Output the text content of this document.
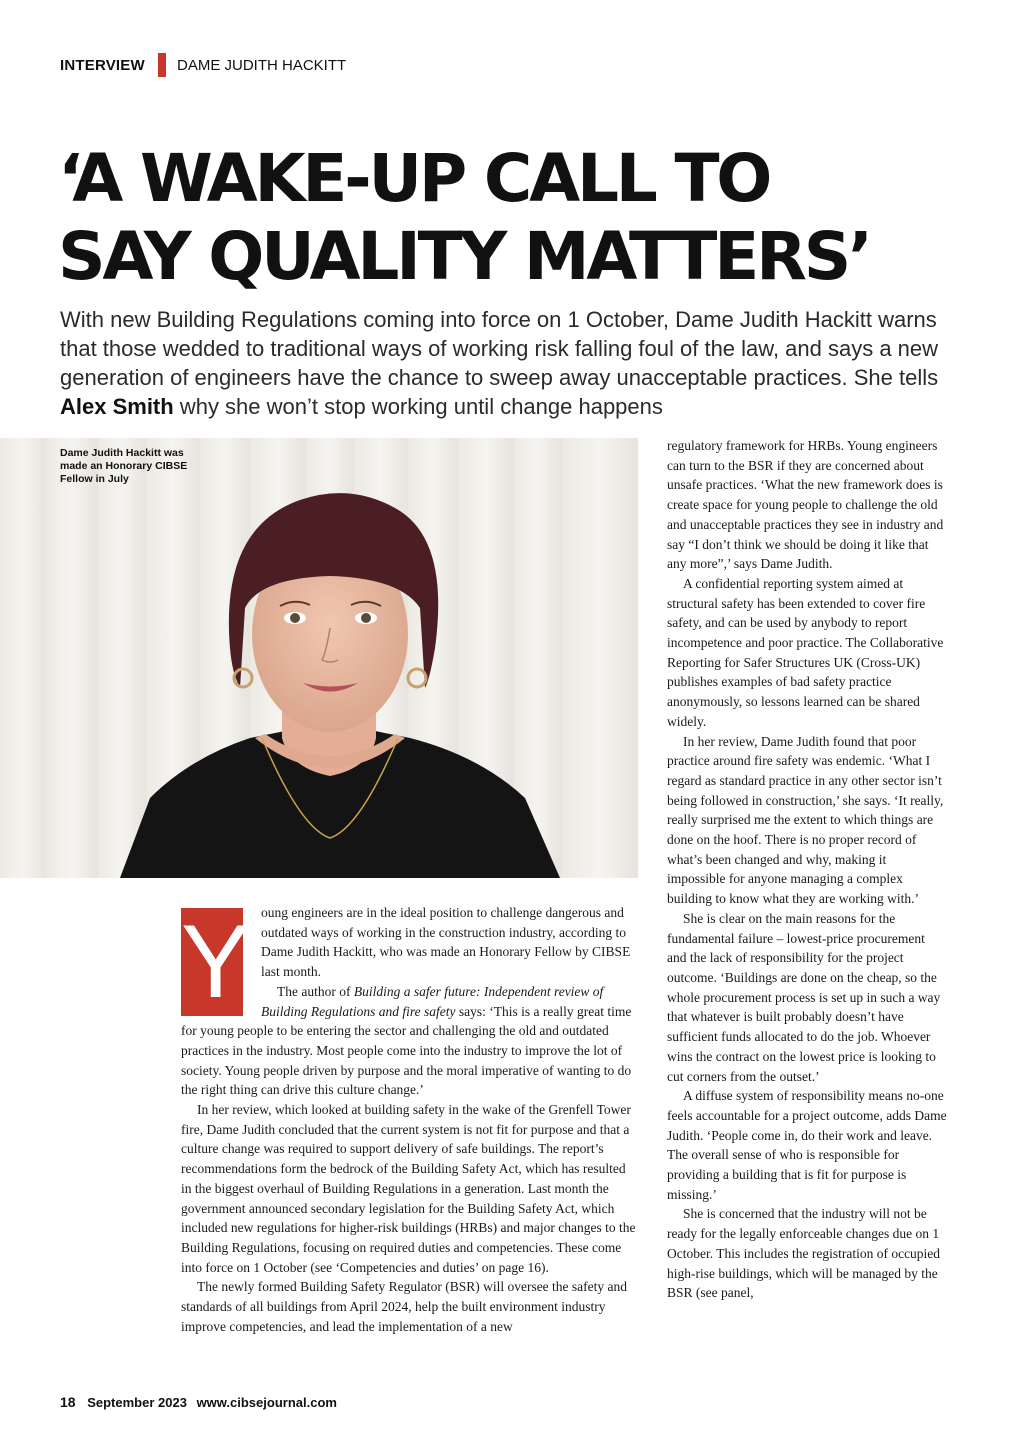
INTERVIEW DAME JUDITH HACKITT
‘A WAKE-UP CALL TO
SAY QUALITY MATTERS’

With new Building Regulations coming into force on 1 October, Dame Judith Hackitt warns that those wedded to traditional ways of working risk falling foul of the law, and says a new generation of engineers have the chance to sweep away unacceptable practices. She tells Alex Smith why she won’t stop working until change happens

Dame Judith Hackitt was made an Honorary CIBSE Fellow in July

Y oung engineers are in the ideal position to challenge dangerous and outdated ways of working in the construction industry, according to Dame Judith Hackitt, who was made an Honorary Fellow by CIBSE last month.

The author of Building a safer future: Independent review of Building Regulations and fire safety says: ‘This is a really great time for young people to be entering the sector and challenging the old and outdated practices in the industry. Most people come into the industry to improve the lot of society. Young people driven by purpose and the moral imperative of wanting to do the right thing can drive this culture change.’

In her review, which looked at building safety in the wake of the Grenfell Tower fire, Dame Judith concluded that the current system is not fit for purpose and that a culture change was required to support delivery of safe buildings. The report’s recommendations form the bedrock of the Building Safety Act, which has resulted in the biggest overhaul of Building Regulations in a generation. Last month the government announced secondary legislation for the Building Safety Act, which included new regulations for higher-risk buildings (HRBs) and major changes to the Building Regulations, focusing on required duties and competencies. These come into force on 1 October (see ‘Competencies and duties’ on page 16).

The newly formed Building Safety Regulator (BSR) will oversee the safety and standards of all buildings from April 2024, help the built environment industry improve competencies, and lead the implementation of a new

regulatory framework for HRBs. Young engineers can turn to the BSR if they are concerned about unsafe practices. ‘What the new framework does is create space for young people to challenge the old and unacceptable practices they see in industry and say “I don’t think we should be doing it like that any more”,’ says Dame Judith.

A confidential reporting system aimed at structural safety has been extended to cover fire safety, and can be used by anybody to report incompetence and poor practice. The Collaborative Reporting for Safer Structures UK (Cross-UK) publishes examples of bad safety practice anonymously, so lessons learned can be shared widely.

In her review, Dame Judith found that poor practice around fire safety was endemic. ‘What I regard as standard practice in any other sector isn’t being followed in construction,’ she says. ‘It really, really surprised me the extent to which things are done on the hoof. There is no proper record of what’s been changed and why, making it impossible for anyone managing a complex building to know what they are working with.’

She is clear on the main reasons for the fundamental failure – lowest-price procurement and the lack of responsibility for the project outcome. ‘Buildings are done on the cheap, so the whole procurement process is set up in such a way that whatever is built probably doesn’t have sufficient funds allocated to do the job. Whoever wins the contract on the lowest price is looking to cut corners from the outset.’

A diffuse system of responsibility means no-one feels accountable for a project outcome, adds Dame Judith. ‘People come in, do their work and leave. The overall sense of who is responsible for providing a building that is fit for purpose is missing.’

She is concerned that the industry will not be ready for the legally enforceable changes due on 1 October. This includes the registration of occupied high-rise buildings, which will be managed by the BSR (see panel,

18 September 2023 www.cibsejournal.com
